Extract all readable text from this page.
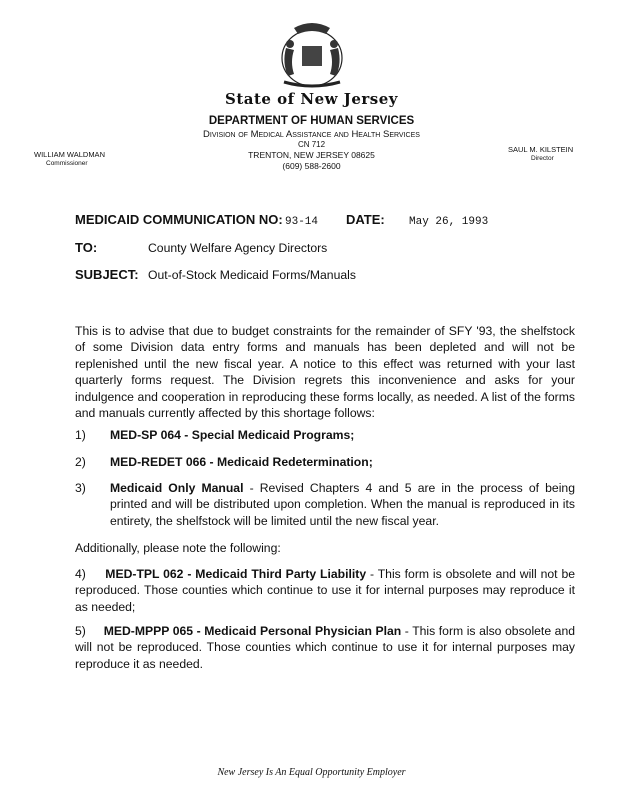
State of New Jersey
DEPARTMENT OF HUMAN SERVICES
Division of Medical Assistance and Health Services
CN 712
TRENTON, NEW JERSEY 08625
(609) 588-2600
WILLIAM WALDMAN
Commissioner
SAUL M. KILSTEIN
Director
MEDICAID COMMUNICATION NO: 93-14 DATE: May 26, 1993
TO:	County Welfare Agency Directors
SUBJECT: Out-of-Stock Medicaid Forms/Manuals
This is to advise that due to budget constraints for the remainder of SFY '93, the shelfstock of some Division data entry forms and manuals has been depleted and will not be replenished until the new fiscal year. A notice to this effect was returned with your last quarterly forms request. The Division regrets this inconvenience and asks for your indulgence and cooperation in reproducing these forms locally, as needed. A list of the forms and manuals currently affected by this shortage follows:
1) MED-SP 064 - Special Medicaid Programs;
2) MED-REDET 066 - Medicaid Redetermination;
3) Medicaid Only Manual - Revised Chapters 4 and 5 are in the process of being printed and will be distributed upon completion. When the manual is reproduced in its entirety, the shelfstock will be limited until the new fiscal year.
Additionally, please note the following:
4) MED-TPL 062 - Medicaid Third Party Liability - This form is obsolete and will not be reproduced. Those counties which continue to use it for internal purposes may reproduce it as needed;
5) MED-MPPP 065 - Medicaid Personal Physician Plan - This form is also obsolete and will not be reproduced. Those counties which continue to use it for internal purposes may reproduce it as needed.
New Jersey Is An Equal Opportunity Employer
